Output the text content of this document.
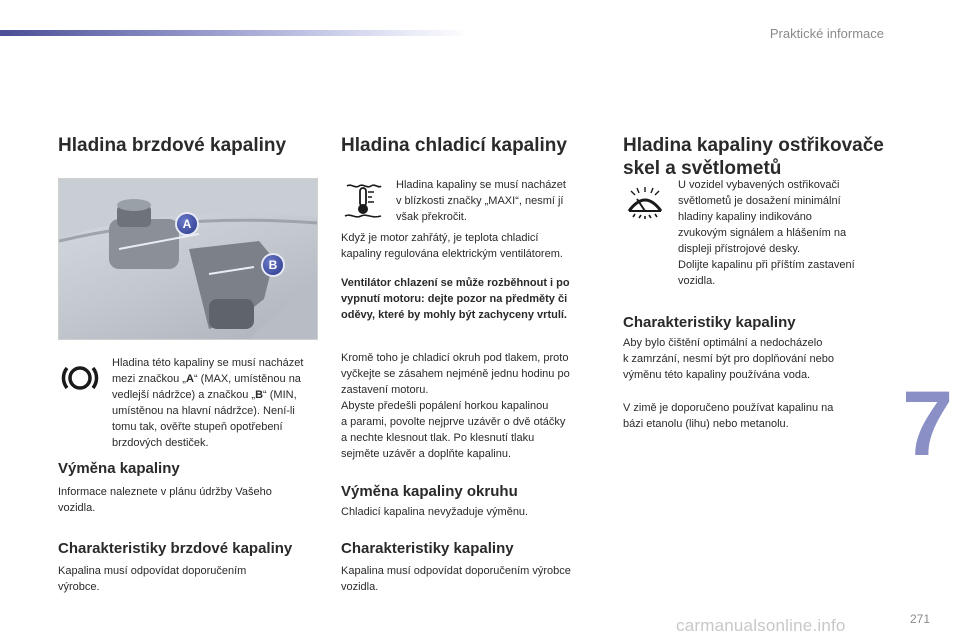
Praktické informace
7
271
carmanualsonline.info
Hladina brzdové kapaliny
A
B

Hladina této kapaliny se musí nacházet

mezi značkou „A“ (MAX, umístěnou na

vedlejší nádržce) a značkou „B“ (MIN,

umístěnou na hlavní nádržce). Není-li

tomu tak, ověřte stupeň opotřebení

brzdových destiček.

Výměna kapaliny

Informace naleznete v plánu údržby Vašeho

vozidla.

Charakteristiky brzdové kapaliny

Kapalina musí odpovídat doporučením

výrobce.

Hladina chladicí kapaliny

Hladina kapaliny se musí nacházet

v blízkosti značky „MAXI“, nesmí jí

však překročit.

Když je motor zahřátý, je teplota chladicí

kapaliny regulována elektrickým ventilátorem.

Ventilátor chlazení se může rozběhnout i po

vypnutí motoru: dejte pozor na předměty či

oděvy, které by mohly být zachyceny vrtulí.

Kromě toho je chladicí okruh pod tlakem, proto

vyčkejte se zásahem nejméně jednu hodinu po

zastavení motoru.

Abyste předešli popálení horkou kapalinou

a parami, povolte nejprve uzávěr o dvě otáčky

a nechte klesnout tlak. Po klesnutí tlaku

sejměte uzávěr a doplňte kapalinu.

Výměna kapaliny okruhu

Chladicí kapalina nevyžaduje výměnu.

Charakteristiky kapaliny

Kapalina musí odpovídat doporučením výrobce

vozidla.

Hladina kapaliny ostřikovače
skel a světlometů

U vozidel vybavených ostřikovači

světlometů je dosažení minimální

hladiny kapaliny indikováno

zvukovým signálem a hlášením na

displeji přístrojové desky.

Dolijte kapalinu při příštím zastavení

vozidla.

Charakteristiky kapaliny

Aby bylo čištění optimální a nedocházelo

k zamrzání, nesmí být pro doplňování nebo

výměnu této kapaliny používána voda.

V zimě je doporučeno používat kapalinu na

bázi etanolu (lihu) nebo metanolu.
